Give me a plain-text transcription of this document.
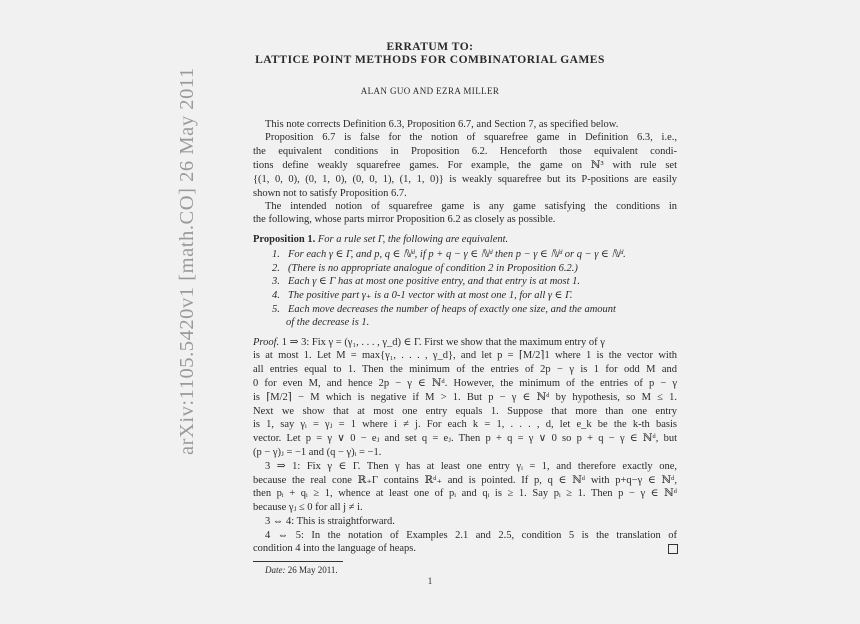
arXiv:1105.5420v1 [math.CO] 26 May 2011
ERRATUM TO:
LATTICE POINT METHODS FOR COMBINATORIAL GAMES
ALAN GUO AND EZRA MILLER
This note corrects Definition 6.3, Proposition 6.7, and Section 7, as specified below.
Proposition 6.7 is false for the notion of squarefree game in Definition 6.3, i.e.,
the equivalent conditions in Proposition 6.2. Henceforth those equivalent condi-
tions define weakly squarefree games. For example, the game on ℕ³ with rule set
{(1, 0, 0), (0, 1, 0), (0, 0, 1), (1, 1, 0)} is weakly squarefree but its P-positions are easily
shown not to satisfy Proposition 6.7.
The intended notion of squarefree game is any game satisfying the conditions in
the following, whose parts mirror Proposition 6.2 as closely as possible.
Proposition 1. For a rule set Γ, the following are equivalent.
1. For each γ ∈ Γ, and p, q ∈ ℕᵈ, if p + q − γ ∈ ℕᵈ then p − γ ∈ ℕᵈ or q − γ ∈ ℕᵈ.
2. (There is no appropriate analogue of condition 2 in Proposition 6.2.)
3. Each γ ∈ Γ has at most one positive entry, and that entry is at most 1.
4. The positive part γ₊ is a 0-1 vector with at most one 1, for all γ ∈ Γ.
5. Each move decreases the number of heaps of exactly one size, and the amount
of the decrease is 1.
Proof. 1 ⇒ 3: Fix γ = (γ₁, . . . , γ_d) ∈ Γ. First we show that the maximum entry of γ
is at most 1. Let M = max{γ₁, . . . , γ_d}, and let p = ⌈M/2⌉1 where 1 is the vector with
all entries equal to 1. Then the minimum of the entries of 2p − γ is 1 for odd M and
0 for even M, and hence 2p − γ ∈ ℕᵈ. However, the minimum of the entries of p − γ
is ⌈M/2⌉ − M which is negative if M > 1. But p − γ ∈ ℕᵈ by hypothesis, so M ≤ 1.
Next we show that at most one entry equals 1. Suppose that more than one entry
is 1, say γᵢ = γⱼ = 1 where i ≠ j. For each k = 1, . . . , d, let e_k be the k-th basis
vector. Let p = γ ∨ 0 − eⱼ and set q = eⱼ. Then p + q = γ ∨ 0 so p + q − γ ∈ ℕᵈ, but
(p − γ)ⱼ = −1 and (q − γ)ᵢ = −1.
3 ⇒ 1: Fix γ ∈ Γ. Then γ has at least one entry γᵢ = 1, and therefore exactly one,
because the real cone ℝ₊Γ contains ℝᵈ₊ and is pointed. If p, q ∈ ℕᵈ with p+q−γ ∈ ℕᵈ,
then pᵢ + qᵢ ≥ 1, whence at least one of pᵢ and qᵢ is ≥ 1. Say pᵢ ≥ 1. Then p − γ ∈ ℕᵈ
because γⱼ ≤ 0 for all j ≠ i.
3 ⇔ 4: This is straightforward.
4 ⇔ 5: In the notation of Examples 2.1 and 2.5, condition 5 is the translation of
condition 4 into the language of heaps.
Date: 26 May 2011.
1
